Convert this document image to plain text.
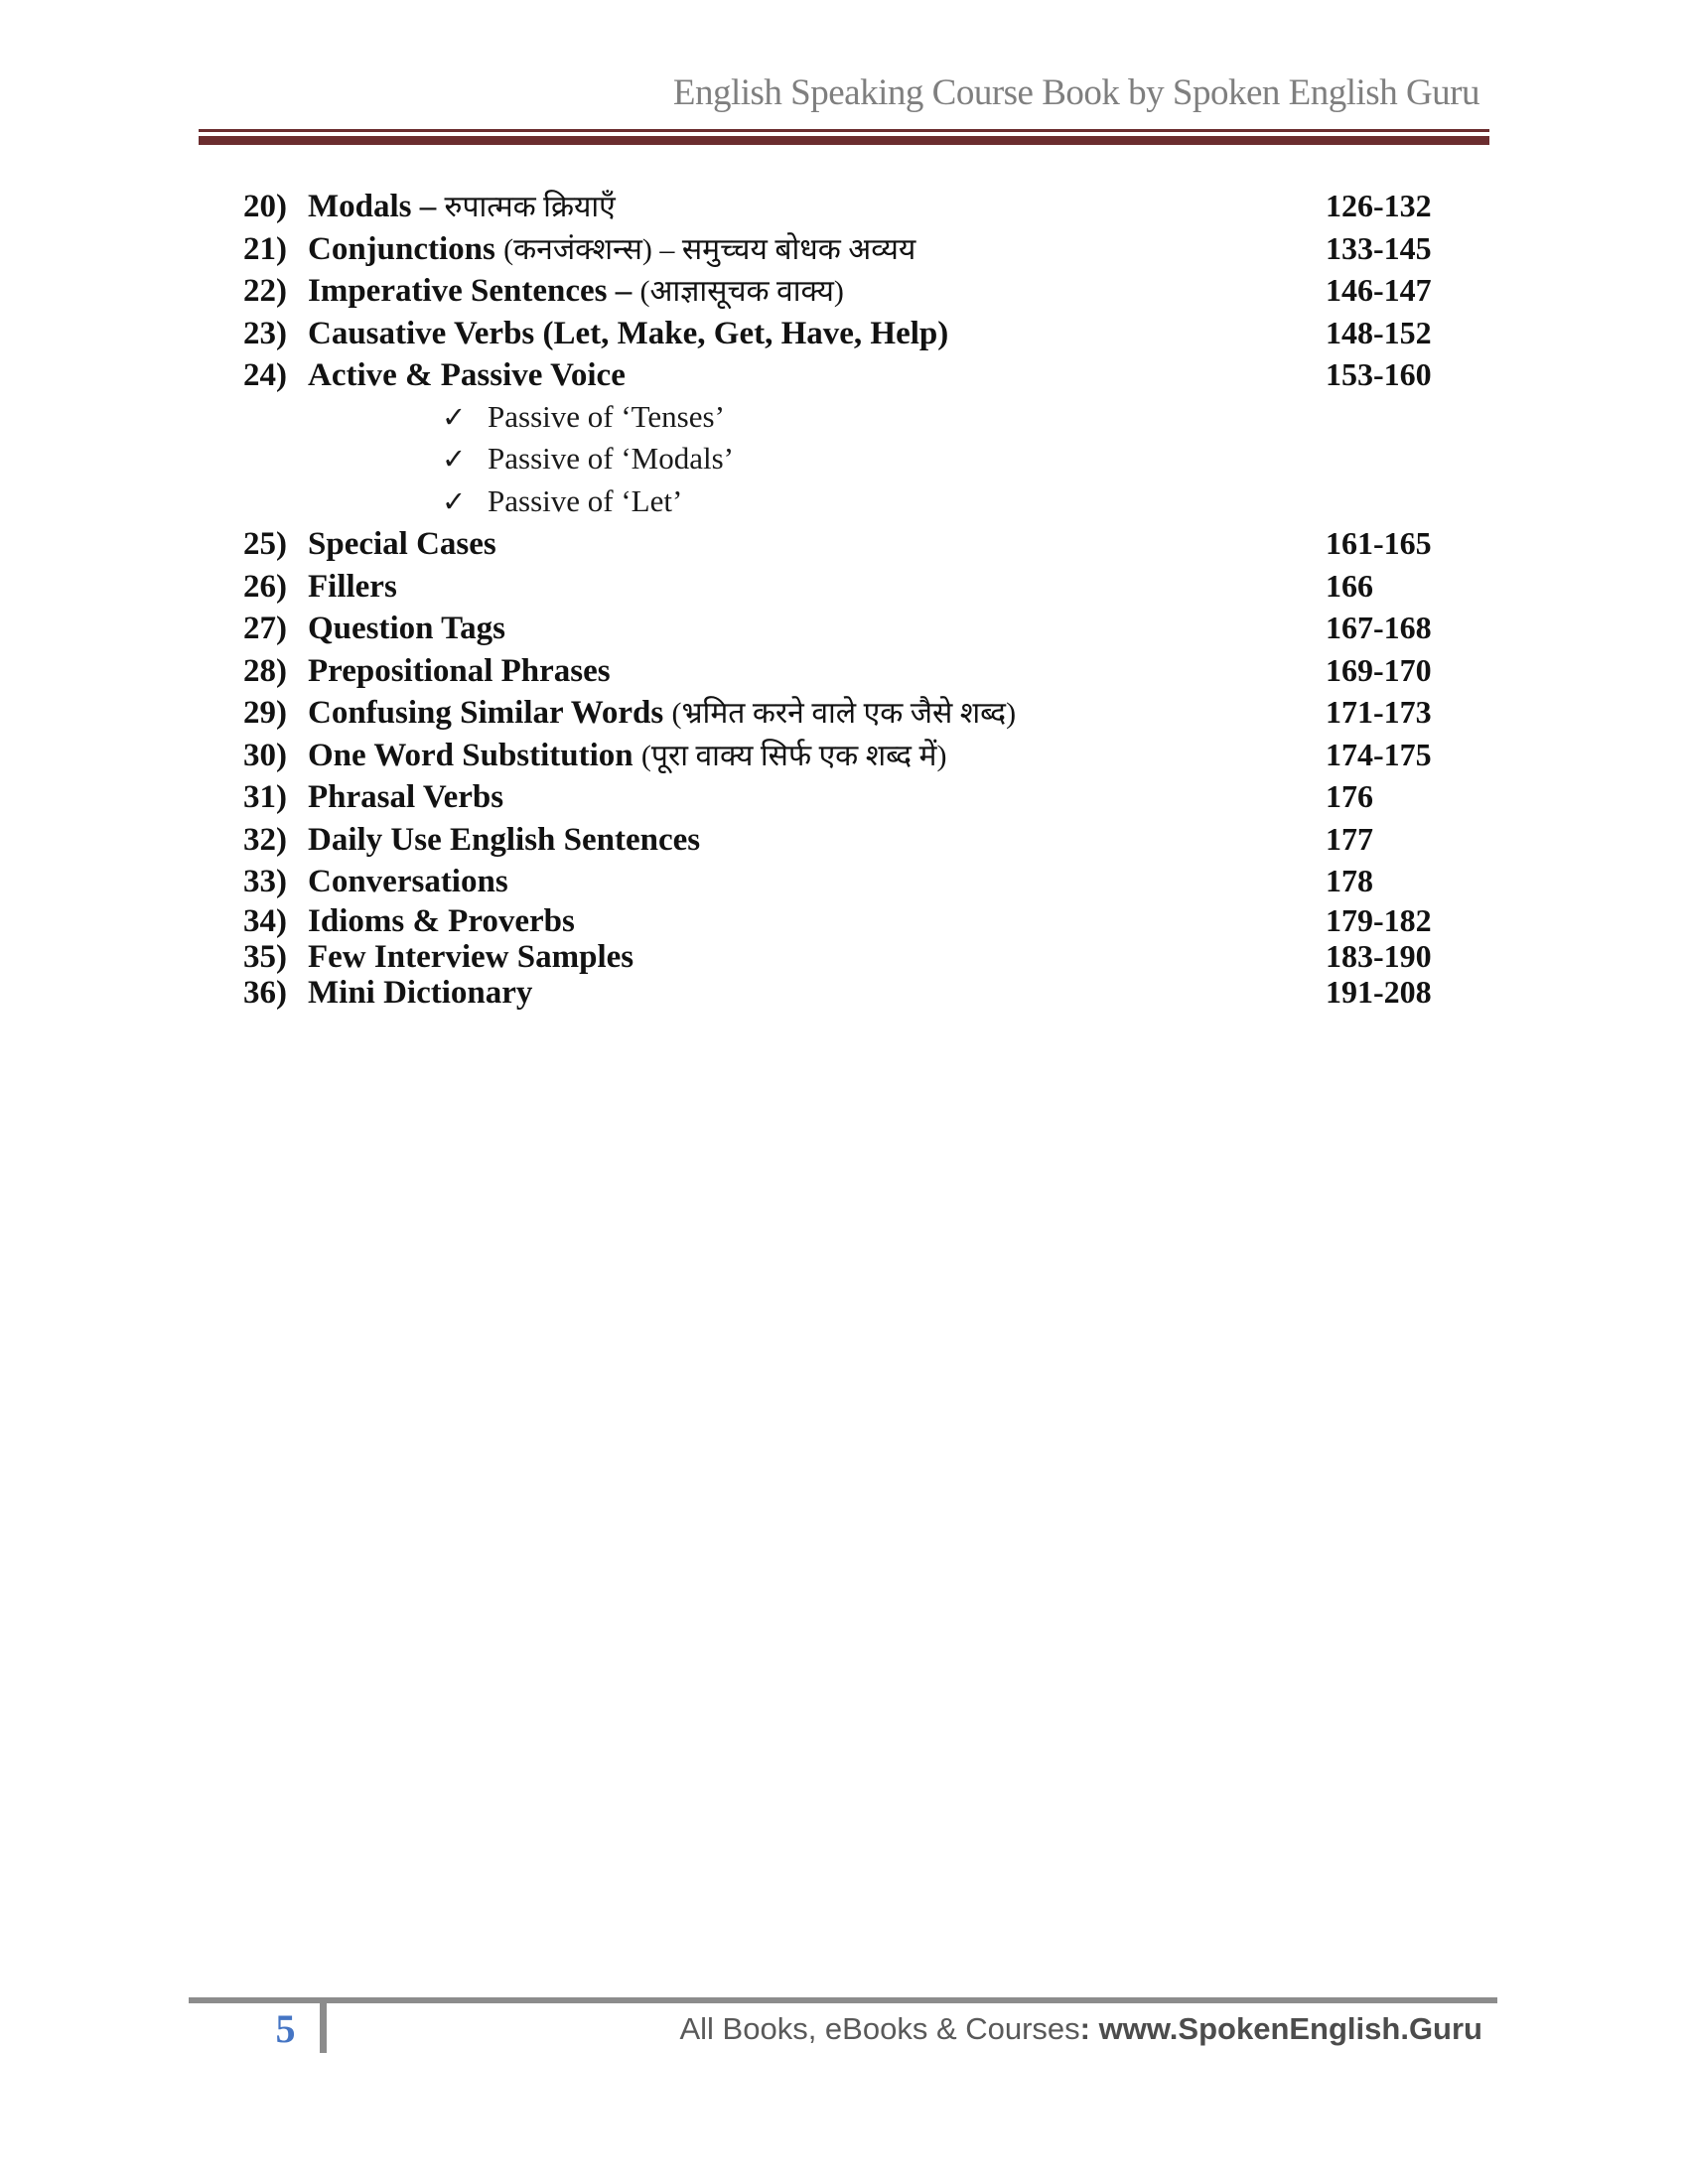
English Speaking Course Book by Spoken English Guru
20) Modals – रुपात्मक क्रियाएँ	126-132
21) Conjunctions (कनजंक्शन्स) – समुच्चय बोधक अव्यय	133-145
22) Imperative Sentences – (आज्ञासूचक वाक्य)	146-147
23) Causative Verbs (Let, Make, Get, Have, Help)	148-152
24) Active & Passive Voice	153-160
✓ Passive of ‘Tenses’
✓ Passive of ‘Modals’
✓ Passive of ‘Let’
25) Special Cases	161-165
26) Fillers	166
27) Question Tags	167-168
28) Prepositional Phrases	169-170
29) Confusing Similar Words (भ्रमित करने वाले एक जैसे शब्द)	171-173
30) One Word Substitution (पूरा वाक्य सिर्फ एक शब्द में)	174-175
31) Phrasal Verbs	176
32) Daily Use English Sentences	177
33) Conversations	178
34) Idioms & Proverbs	179-182
35) Few Interview Samples	183-190
36) Mini Dictionary	191-208
5	All Books, eBooks & Courses: www.SpokenEnglish.Guru
